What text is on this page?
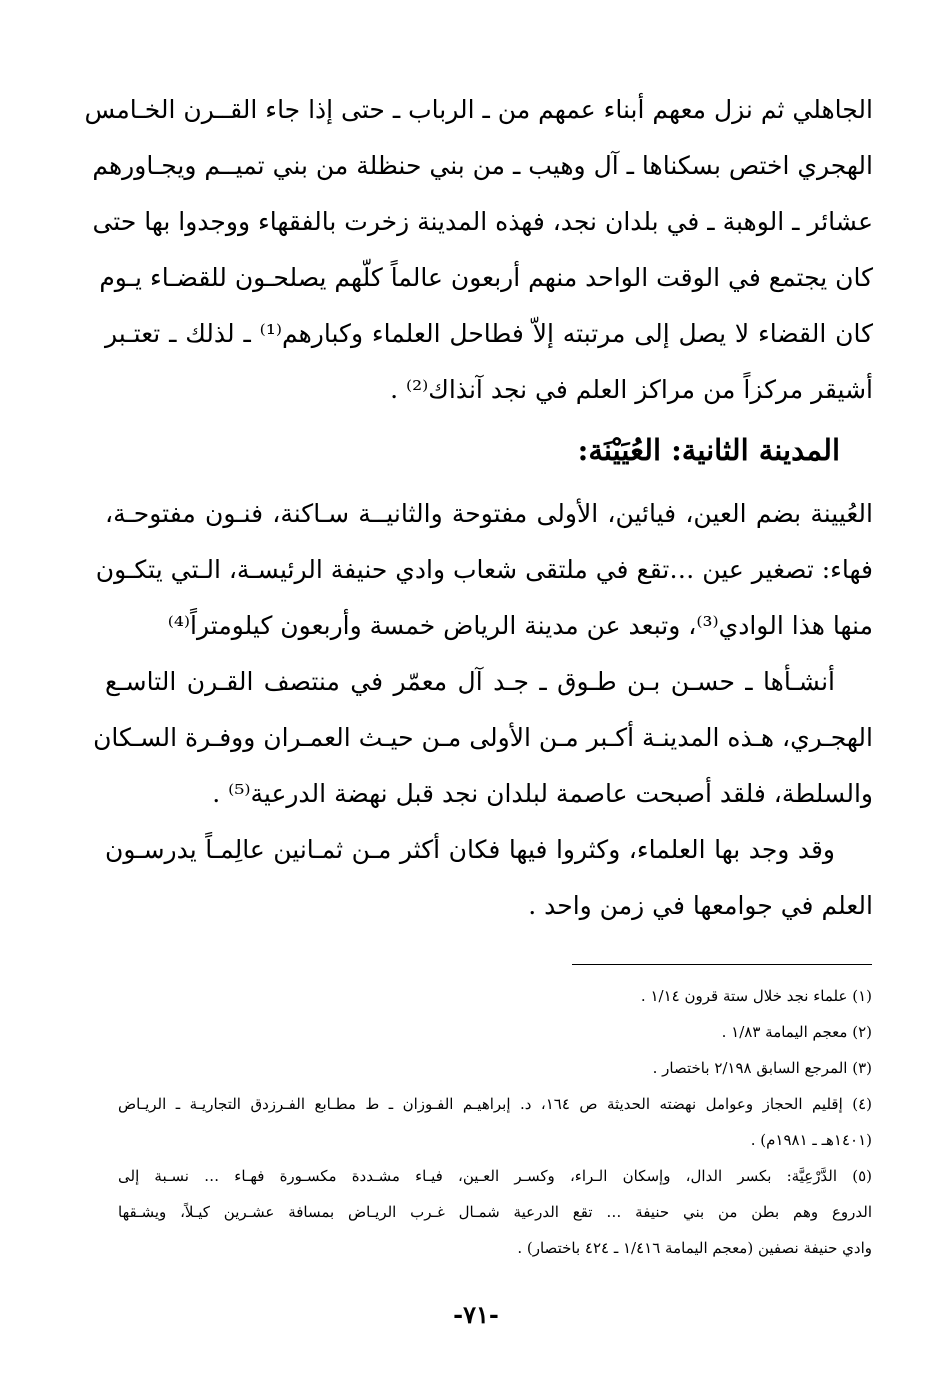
الجاهلي ثم نزل معهم أبناء عمهم من ـ الرباب ـ حتى إذا جاء القــرن الخـامس
الهجري اختص بسكناها ـ آل وهيب ـ من بني حنظلة من بني تميــم ويجـاورهم
عشائر ـ الوهبة ـ في بلدان نجد، فهذه المدينة زخرت بالفقهاء ووجدوا بها حتى
كان يجتمع في الوقت الواحد منهم أربعون عالماً كلّهم يصلحـون للقضـاء يـوم
كان القضاء لا يصل إلى مرتبته إلاّ فطاحل العلماء وكبارهم⁽¹⁾ ـ لذلك ـ تعتـبر
أشيقر مركزاً من مراكز العلم في نجد آنذاك⁽²⁾ .
المدينة الثانية: العُيَيْنَة:
العُيينة بضم العين، فيائين، الأولى مفتوحة والثانيــة سـاكنة، فنـون مفتوحـة،
فهاء: تصغير عين …تقع في ملتقى شعاب وادي حنيفة الرئيسـة، الـتي يتكـون
منها هذا الوادي⁽³⁾، وتبعد عن مدينة الرياض خمسة وأربعون كيلومتراً⁽⁴⁾
أنشـأها ـ حسـن بـن طـوق ـ جـد آل معمّر في منتصف القـرن التاسـع
الهجـري، هـذه المدينـة أكـبر مـن الأولى مـن حيـث العمـران ووفـرة السـكان
والسلطة، فلقد أصبحت عاصمة لبلدان نجد قبل نهضة الدرعية⁽⁵⁾ .
وقد وجد بها العلماء، وكثروا فيها فكان أكثر مـن ثمـانين عالِمـاً يدرسـون
العلم في جوامعها في زمن واحد .
(١) علماء نجد خلال ستة قرون ١/١٤ .
(٢) معجم اليمامة ١/٨٣ .
(٣) المرجع السابق ٢/١٩٨ باختصار .
(٤) إقليم الحجاز وعوامل نهضته الحديثة ص ١٦٤، د. إبراهيـم الفـوزان ـ ط مطـابع الفـرزدق التجاريـة ـ الريـاض
(١٤٠١هـ ـ ١٩٨١م) .
(٥) الدَّرْعِيَّة: بكسر الدال، وإسكان الـراء، وكسـر العـين، فيـاء مشـددة مكسـورة فهـاء … نسـبة إلى
الدروع وهم بطن من بني حنيفة … تقع الدرعية شمـال غـرب الريـاض بمسافة عشـرين كيـلاً، ويشـقها
وادي حنيفة نصفين (معجم اليمامة ١/٤١٦ ـ ٤٢٤ باختصار) .
-٧١-
